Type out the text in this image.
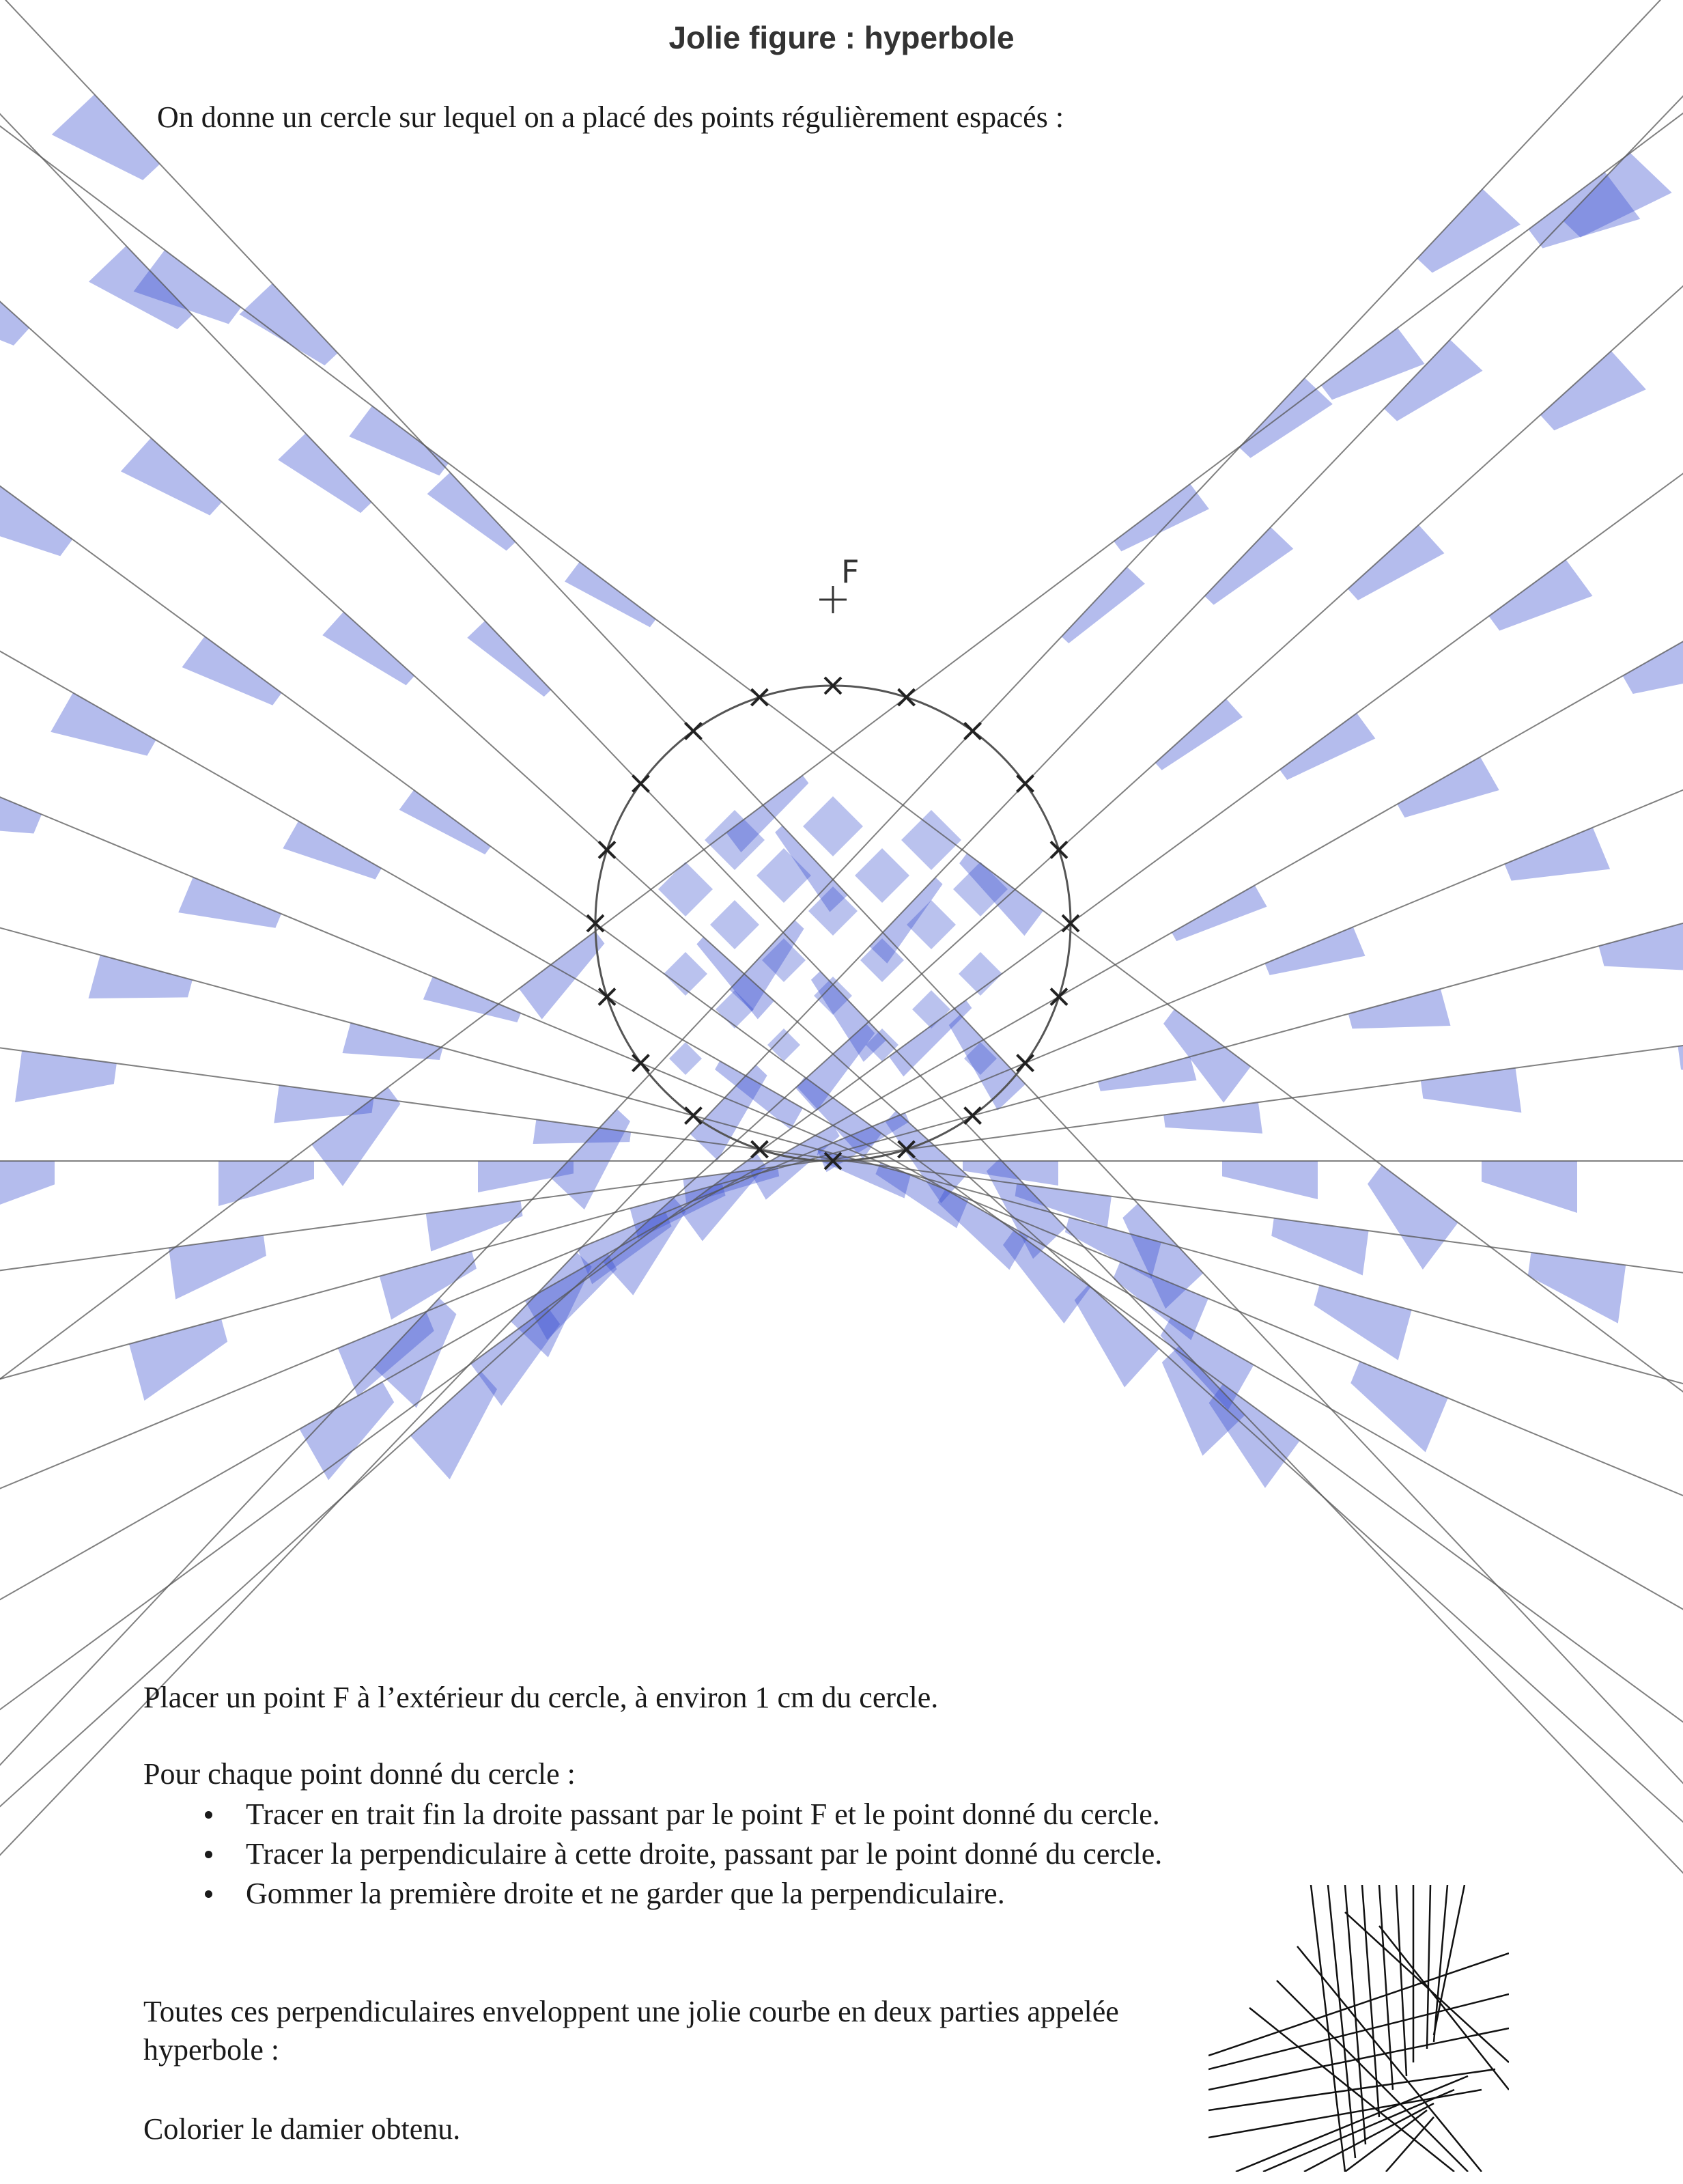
Jolie figure : hyperbole
On donne un cercle sur lequel on a placé des points régulièrement espacés :
F
Placer un point F à l’extérieur du cercle, à environ 1 cm du cercle.
Pour chaque point donné du cercle :
Tracer en trait fin la droite passant par le point F et le point donné du cercle.
Tracer la perpendiculaire à cette droite, passant par le point donné du cercle.
Gommer la première droite et ne garder que la perpendiculaire.
Toutes ces perpendiculaires enveloppent une jolie courbe en deux parties appelée hyperbole :
Colorier le damier obtenu.
